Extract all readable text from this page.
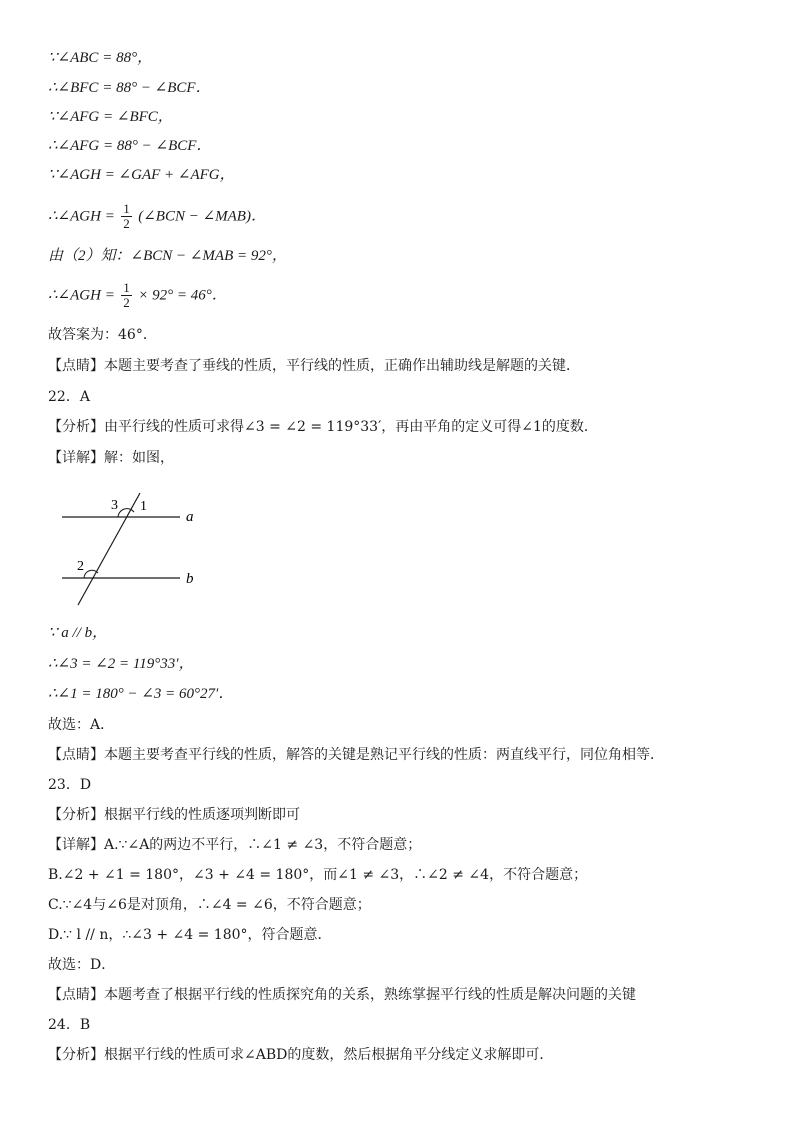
∵∠ABC = 88°，
∴∠BFC = 88° − ∠BCF．
∵∠AFG = ∠BFC，
∴∠AFG = 88° − ∠BCF．
∵∠AGH = ∠GAF + ∠AFG，
∴∠AGH = $\frac{1}{2}$ (∠BCN − ∠MAB)．
由（2）知：∠BCN − ∠MAB = 92°，
∴∠AGH = $\frac{1}{2} \times 92^\circ = 46^\circ$．
故答案为：46°．
【点睛】本题主要考查了垂线的性质，平行线的性质，正确作出辅助线是解题的关键．
22．A
【分析】由平行线的性质可求得∠3 = ∠2 = 119°33′，再由平角的定义可得∠1的度数．
【详解】解：如图，
3 1
2
a
b
∵ a // b，
∴∠3 = ∠2 = 119°33′，
∴∠1 = 180° − ∠3 = 60°27′．
故选：A．
【点睛】本题主要考查平行线的性质，解答的关键是熟记平行线的性质：两直线平行，同位角相等．
23．D
【分析】根据平行线的性质逐项判断即可
【详解】A.∵∠A的两边不平行，∴∠1 ≠ ∠3，不符合题意；
B.∠2 + ∠1 = 180°，∠3 + ∠4 = 180°，而∠1 ≠ ∠3，∴∠2 ≠ ∠4，不符合题意；
C.∵∠4与∠6是对顶角，∴∠4 = ∠6，不符合题意；
D.∵ l // n，∴∠3 + ∠4 = 180°，符合题意．
故选：D．
【点睛】本题考查了根据平行线的性质探究角的关系，熟练掌握平行线的性质是解决问题的关键
24．B
【分析】根据平行线的性质可求∠ABD的度数，然后根据角平分线定义求解即可．
